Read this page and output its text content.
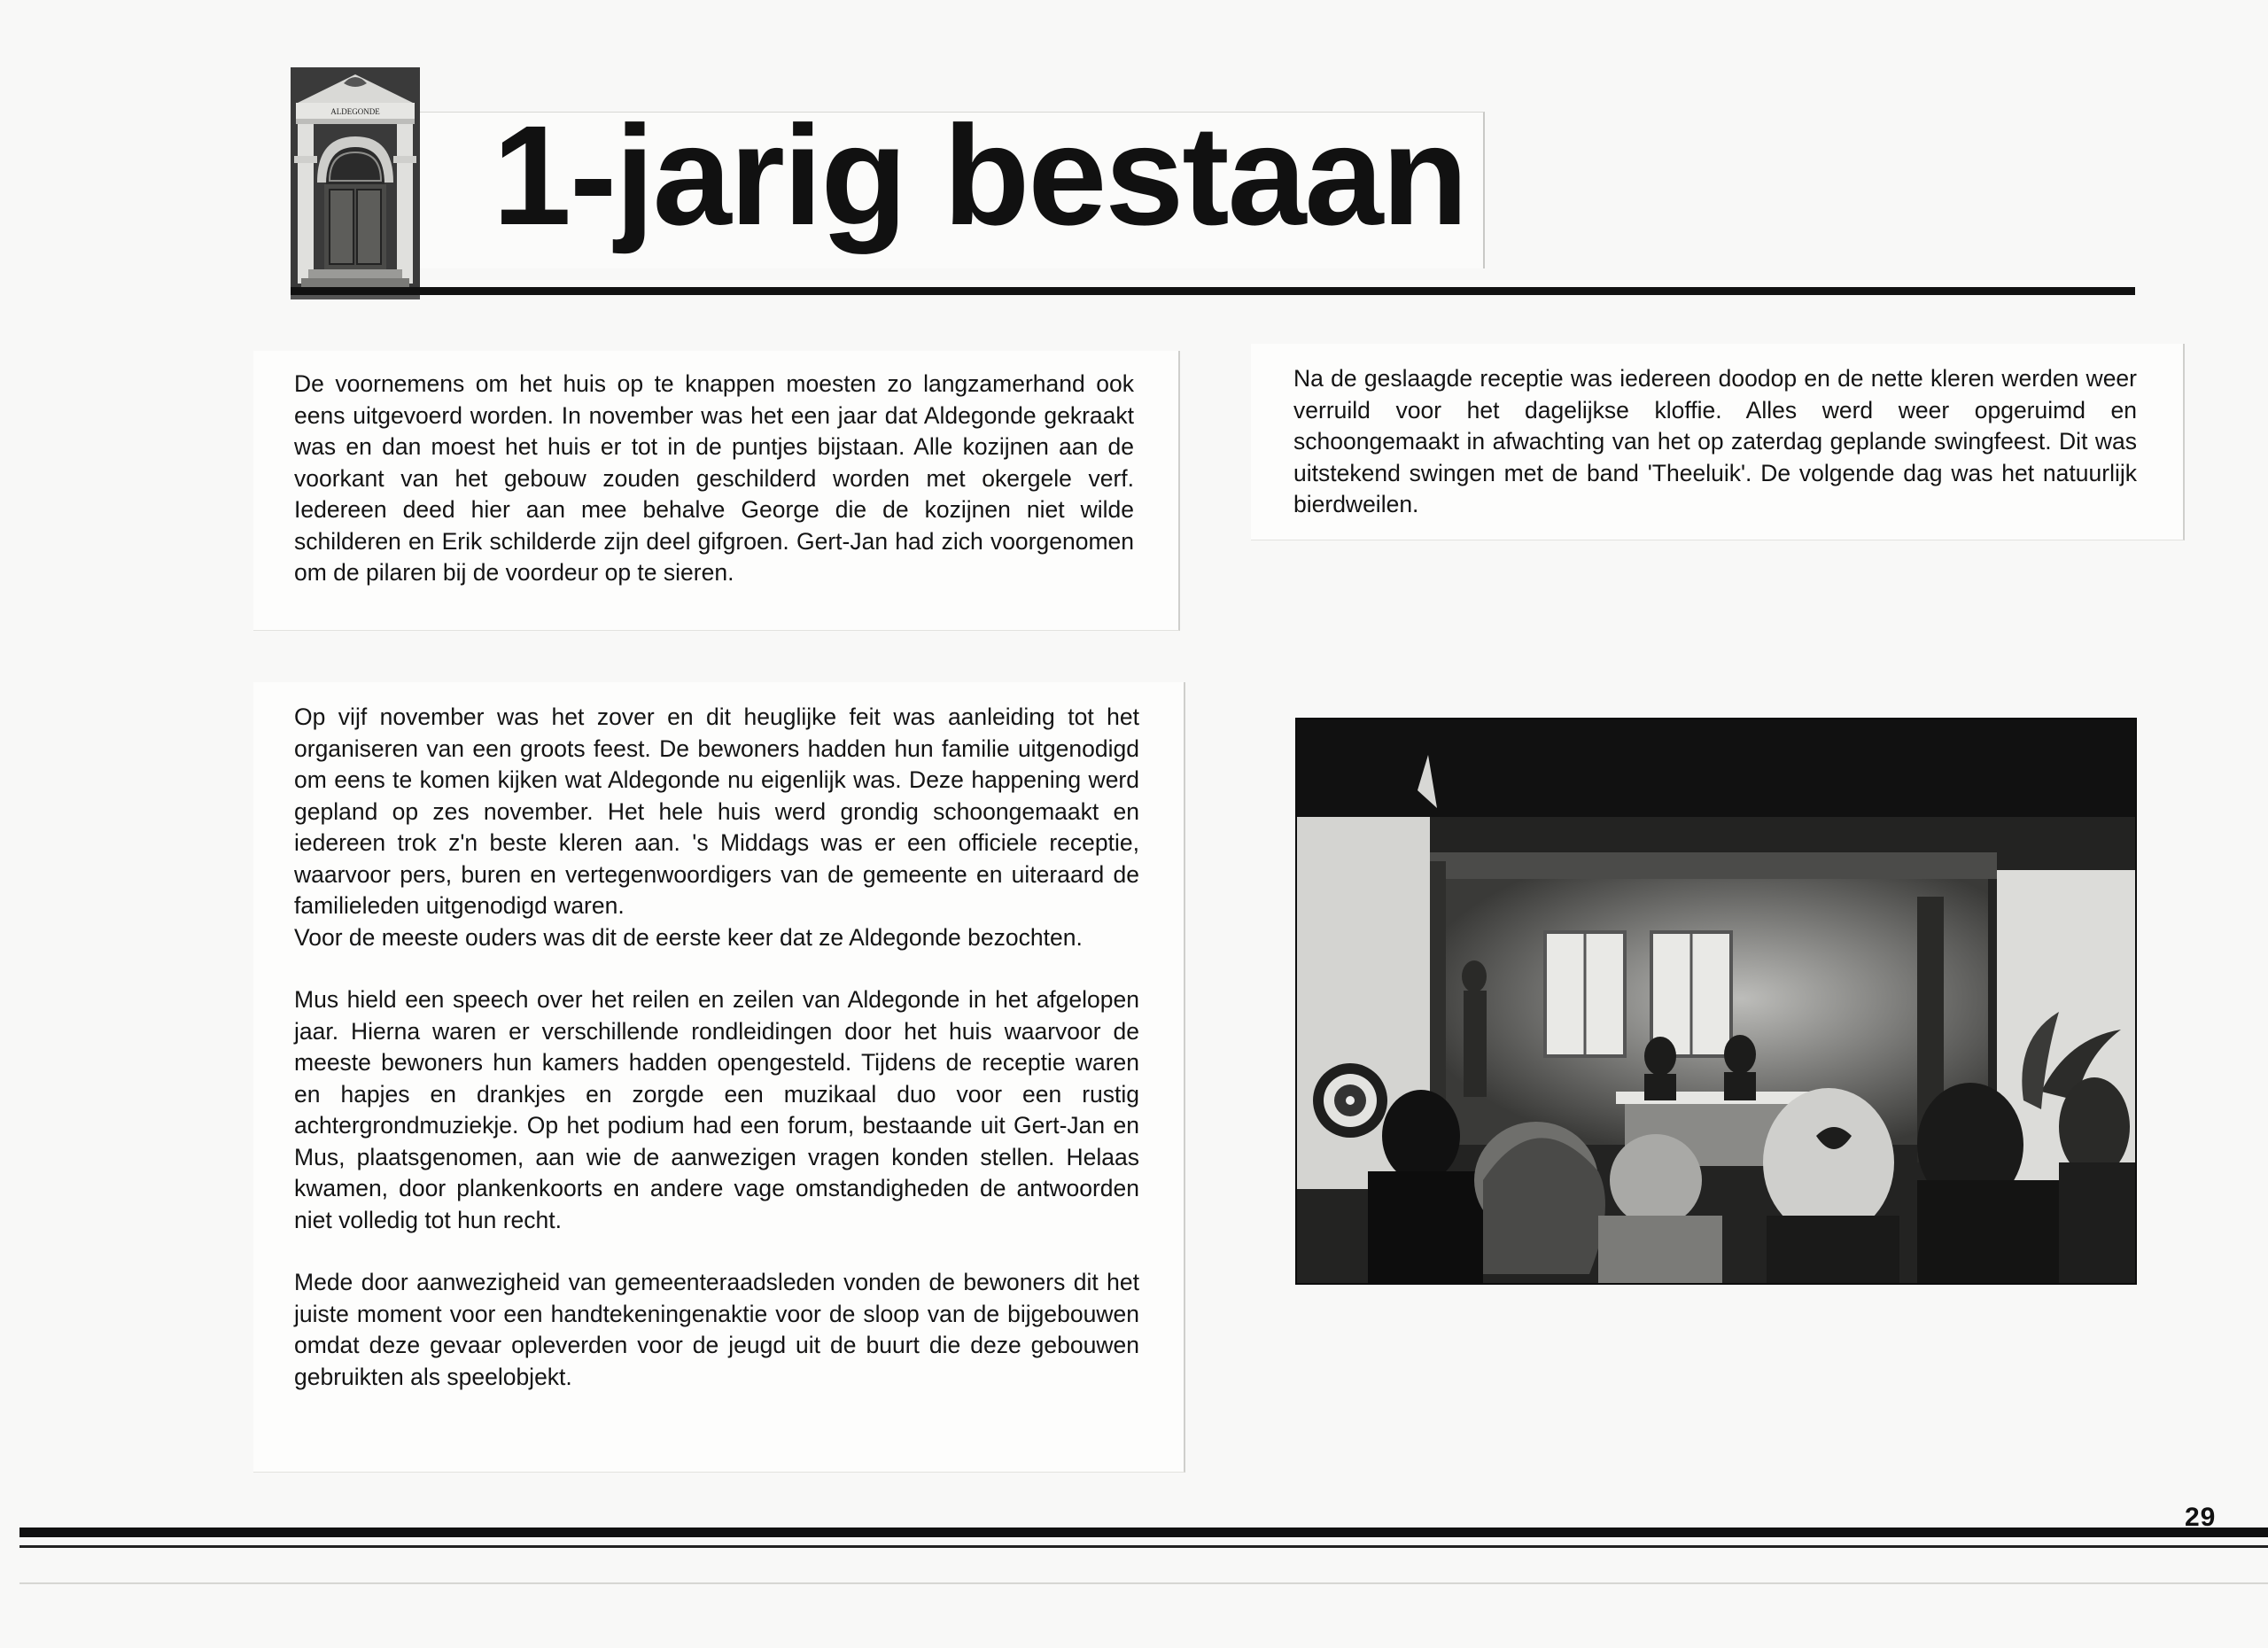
ALDEGONDE 1-jarig bestaan

De voornemens om het huis op te knappen moesten zo langzamerhand ook eens uitgevoerd worden. In november was het een jaar dat Aldegonde gekraakt was en dan moest het huis er tot in de puntjes bijstaan. Alle kozijnen aan de voorkant van het gebouw zouden geschilderd worden met okergele verf. Iedereen deed hier aan mee behalve George die de kozijnen niet wilde schilderen en Erik schilderde zijn deel gifgroen. Gert-Jan had zich voorgenomen om de pilaren bij de voordeur op te sieren.

Na de geslaagde receptie was iedereen doodop en de nette kleren werden weer verruild voor het dagelijkse kloffie. Alles werd weer opgeruimd en schoongemaakt in afwachting van het op zaterdag geplande swingfeest. Dit was uitstekend swingen met de band 'Theeluik'. De volgende dag was het natuurlijk bierdweilen.

Op vijf november was het zover en dit heuglijke feit was aanleiding tot het organiseren van een groots feest. De bewoners hadden hun familie uitgenodigd om eens te komen kijken wat Aldegonde nu eigenlijk was. Deze happening werd gepland op zes november. Het hele huis werd grondig schoongemaakt en iedereen trok z'n beste kleren aan. 's Middags was er een officiele receptie, waarvoor pers, buren en vertegenwoordigers van de gemeente en uiteraard de familieleden uitgenodigd waren.

Voor de meeste ouders was dit de eerste keer dat ze Aldegonde bezochten.

Mus hield een speech over het reilen en zeilen van Aldegonde in het afgelopen jaar. Hierna waren er verschillende rondleidingen door het huis waarvoor de meeste bewoners hun kamers hadden opengesteld. Tijdens de receptie waren en hapjes en drankjes en zorgde een muzikaal duo voor een rustig achtergrondmuziekje. Op het podium had een forum, bestaande uit Gert-Jan en Mus, plaatsgenomen, aan wie de aanwezigen vragen konden stellen. Helaas kwamen, door plankenkoorts en andere vage omstandigheden de antwoorden niet volledig tot hun recht.

Mede door aanwezigheid van gemeenteraadsleden vonden de bewoners dit het juiste moment voor een handtekeningenaktie voor de sloop van de bijgebouwen omdat deze gevaar opleverden voor de jeugd uit de buurt die deze gebouwen gebruikten als speelobjekt.

29
